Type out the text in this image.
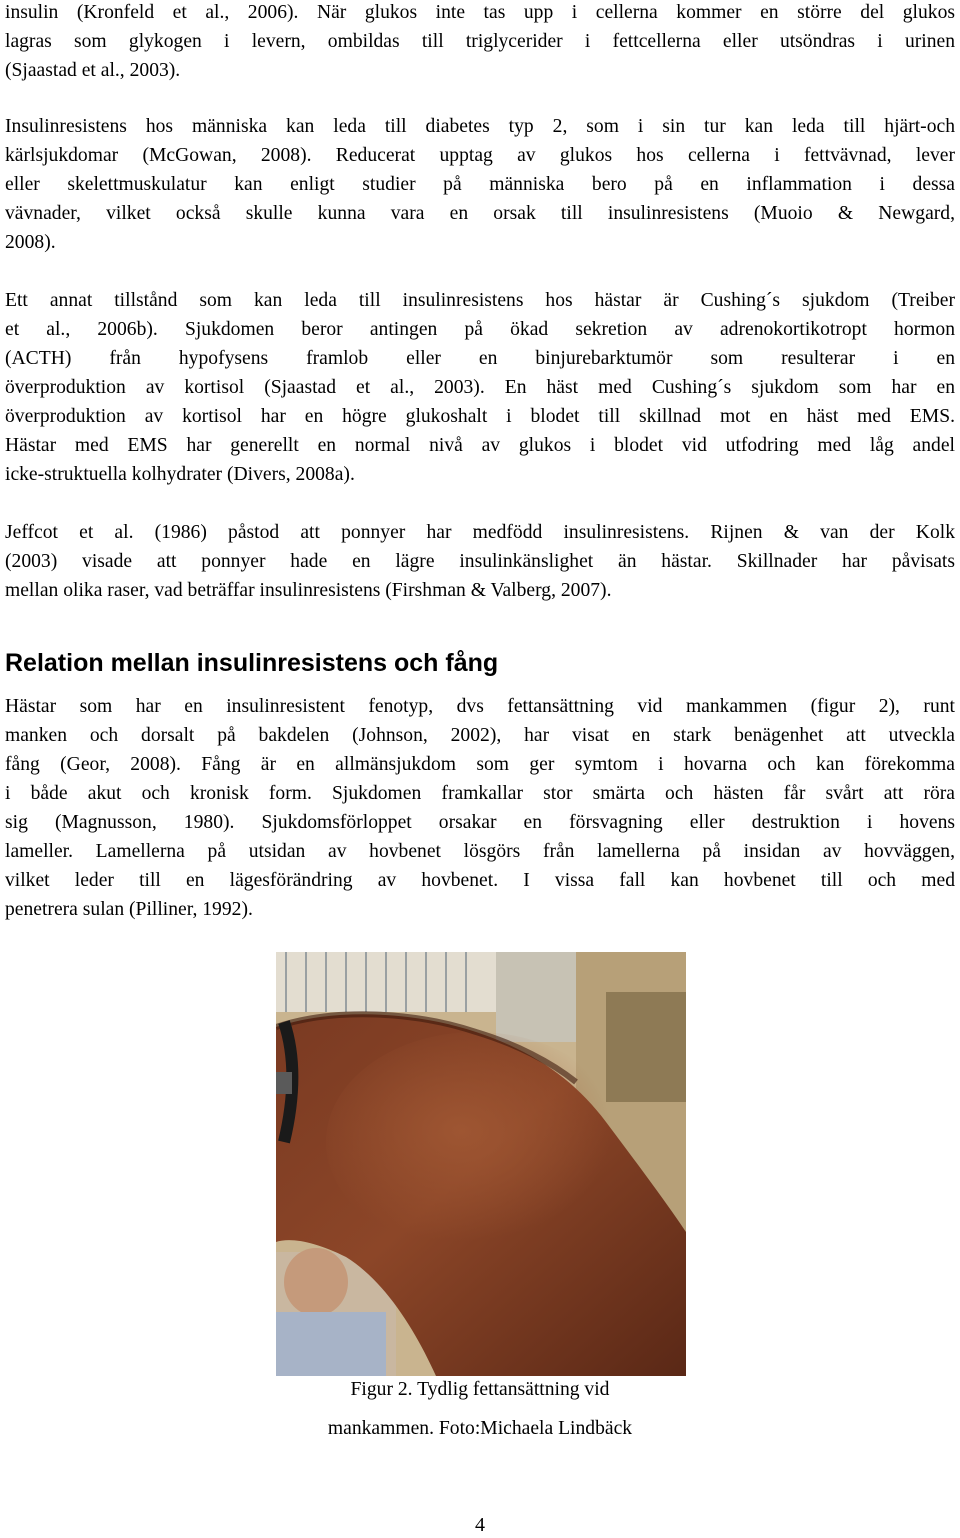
insulin (Kronfeld et al., 2006). När glukos inte tas upp i cellerna kommer en större del glukos
lagras som glykogen i levern, ombildas till triglycerider i fettcellerna eller utsöndras i urinen
(Sjaastad et al., 2003).
Insulinresistens hos människa kan leda till diabetes typ 2, som i sin tur kan leda till hjärt-och
kärlsjukdomar (McGowan, 2008). Reducerat upptag av glukos hos cellerna i fettvävnad, lever
eller skelettmuskulatur kan enligt studier på människa bero på en inflammation i dessa
vävnader, vilket också skulle kunna vara en orsak till insulinresistens (Muoio & Newgard,
2008).
Ett annat tillstånd som kan leda till insulinresistens hos hästar är Cushing´s sjukdom (Treiber
et al., 2006b). Sjukdomen beror antingen på ökad sekretion av adrenokortikotropt hormon
(ACTH) från hypofysens framlob eller en binjurebarktumör som resulterar i en
överproduktion av kortisol (Sjaastad et al., 2003). En häst med Cushing´s sjukdom som har en
överproduktion av kortisol har en högre glukoshalt i blodet till skillnad mot en häst med EMS.
Hästar med EMS har generellt en normal nivå av glukos i blodet vid utfodring med låg andel
icke-struktuella kolhydrater (Divers, 2008a).
Jeffcot et al. (1986) påstod att ponnyer har medfödd insulinresistens. Rijnen & van der Kolk
(2003) visade att ponnyer hade en lägre insulinkänslighet än hästar. Skillnader har påvisats
mellan olika raser, vad beträffar insulinresistens (Firshman & Valberg, 2007).
Relation mellan insulinresistens och fång
Hästar som har en insulinresistent fenotyp, dvs fettansättning vid mankammen (figur 2), runt
manken och dorsalt på bakdelen (Johnson, 2002), har visat en stark benägenhet att utveckla
fång (Geor, 2008). Fång är en allmänsjukdom som ger symtom i hovarna och kan förekomma
i både akut och kronisk form. Sjukdomen framkallar stor smärta och hästen får svårt att röra
sig (Magnusson, 1980). Sjukdomsförloppet orsakar en försvagning eller destruktion i hovens
lameller. Lamellerna på utsidan av hovbenet lösgörs från lamellerna på insidan av hovväggen,
vilket leder till en lägesförändring av hovbenet. I vissa fall kan hovbenet till och med
penetrera sulan (Pilliner, 1992).

Figur 2. Tydlig fettansättning vid

mankammen. Foto:Michaela Lindbäck

4
